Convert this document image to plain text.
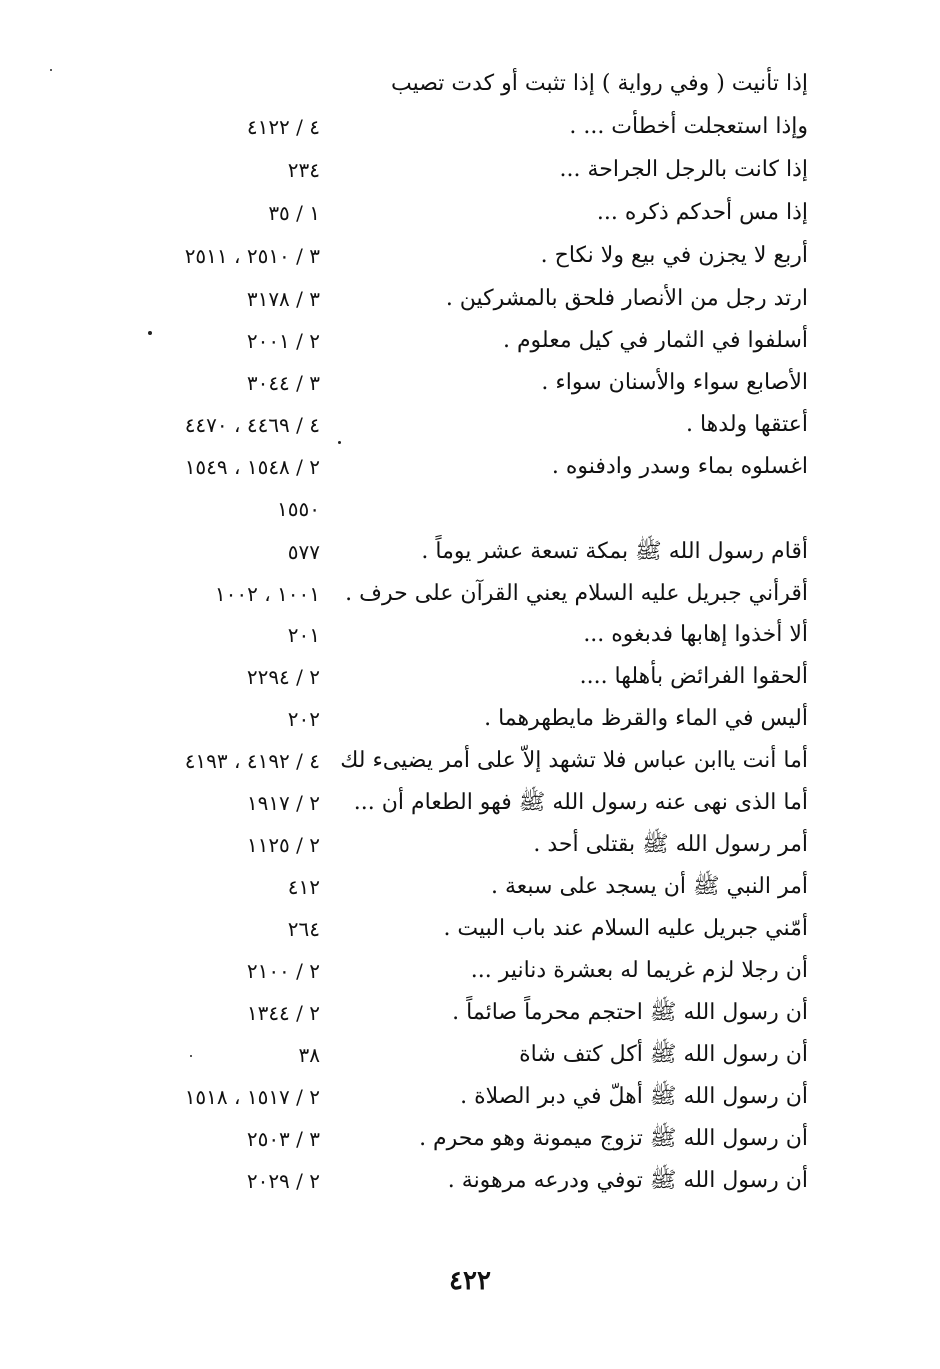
إذا تأنيت ( وفي رواية ) إذا تثبت أو كدت تصيب
وإذا استعجلت أخطأت ... .
٤ / ٤١٢٢
إذا كانت بالرجل الجراحة ...
٢٣٤
إذا مس أحدكم ذكره ...
١ / ٣٥
أربع لا يجزن في بيع ولا نكاح .
٣ / ٢٥١٠ ، ٢٥١١
ارتد رجل من الأنصار فلحق بالمشركين .
٣ / ٣١٧٨
أسلفوا في الثمار في كيل معلوم .
٢ / ٢٠٠١
الأصابع سواء والأسنان سواء .
٣ / ٣٠٤٤
أعتقها ولدها .
٤ / ٤٤٦٩ ، ٤٤٧٠
اغسلوه بماء وسدر وادفنوه .
٢ / ١٥٤٨ ، ١٥٤٩
١٥٥٠
أقام رسول الله ﷺ بمكة تسعة عشر يوماً .
٥٧٧
أقرأني جبريل عليه السلام يعني القرآن على حرف .
١٠٠١ ، ١٠٠٢
ألا أخذوا إهابها فدبغوه ...
٢٠١
ألحقوا الفرائض بأهلها ....
٢ / ٢٢٩٤
أليس في الماء والقرظ مايطهرهما .
٢٠٢
أما أنت ياابن عباس فلا تشهد إلاّ على أمر يضيىء لك
٤ / ٤١٩٢ ، ٤١٩٣
أما الذى نهى عنه رسول الله ﷺ فهو الطعام أن ...
٢ / ١٩١٧
أمر رسول الله ﷺ بقتلى أحد .
٢ / ١١٢٥
أمر النبي ﷺ أن يسجد على سبعة .
٤١٢
أمّني جبريل عليه السلام عند باب البيت .
٢٦٤
أن رجلا لزم غريما له بعشرة دنانير ...
٢ / ٢١٠٠
أن رسول الله ﷺ احتجم محرماً صائماً .
٢ / ١٣٤٤
أن رسول الله ﷺ أكل كتف شاة
٣٨
أن رسول الله ﷺ أهلّ في دبر الصلاة .
٢ / ١٥١٧ ، ١٥١٨
أن رسول الله ﷺ تزوج ميمونة وهو محرم .
٣ / ٢٥٠٣
أن رسول الله ﷺ توفي ودرعه مرهونة .
٢ / ٢٠٢٩
٤٢٢
